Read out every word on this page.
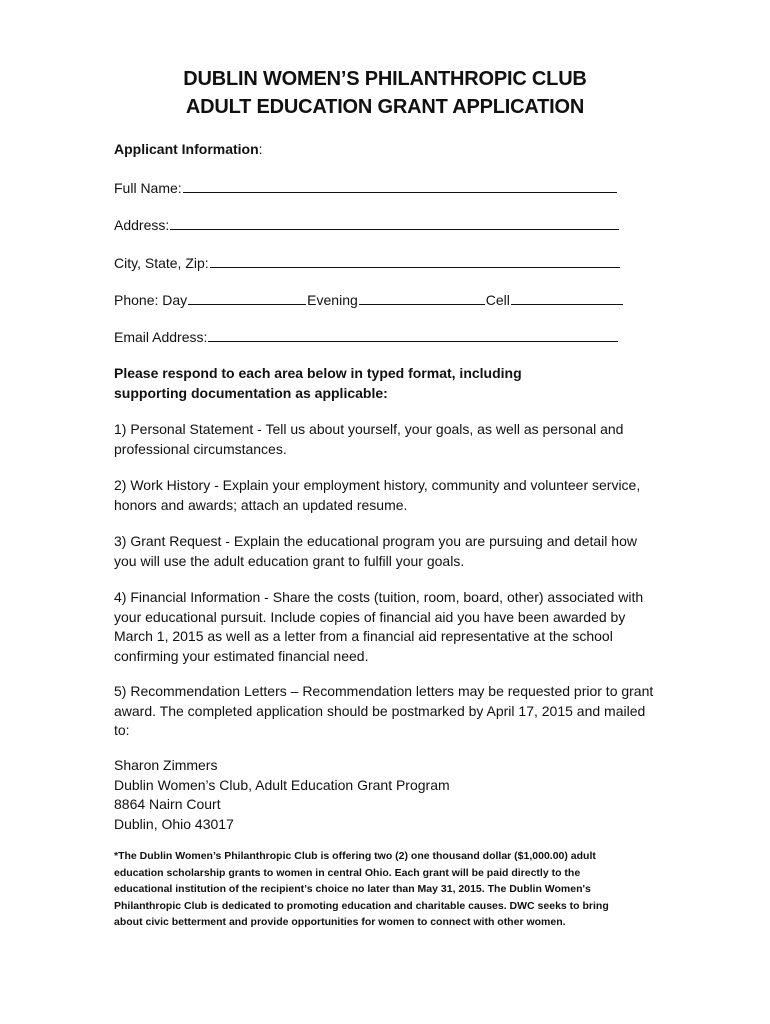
DUBLIN WOMEN’S PHILANTHROPIC CLUB
ADULT EDUCATION GRANT APPLICATION
Applicant Information:
Full Name:
Address:
City, State, Zip:
Phone: Day	Evening	Cell
Email Address:
Please respond to each area below in typed format, including supporting documentation as applicable:
1) Personal Statement - Tell us about yourself, your goals, as well as personal and professional circumstances.
2) Work History - Explain your employment history, community and volunteer service, honors and awards; attach an updated resume.
3) Grant Request - Explain the educational program you are pursuing and detail how you will use the adult education grant to fulfill your goals.
4) Financial Information - Share the costs (tuition, room, board, other) associated with your educational pursuit. Include copies of financial aid you have been awarded by March 1, 2015 as well as a letter from a financial aid representative at the school confirming your estimated financial need.
5) Recommendation Letters – Recommendation letters may be requested prior to grant award. The completed application should be postmarked by April 17, 2015 and mailed to:
Sharon Zimmers
Dublin Women’s Club, Adult Education Grant Program
8864 Nairn Court
Dublin, Ohio 43017
*The Dublin Women’s Philanthropic Club is offering two (2) one thousand dollar ($1,000.00) adult education scholarship grants to women in central Ohio. Each grant will be paid directly to the educational institution of the recipient’s choice no later than May 31, 2015. The Dublin Women's Philanthropic Club is dedicated to promoting education and charitable causes. DWC seeks to bring about civic betterment and provide opportunities for women to connect with other women.
